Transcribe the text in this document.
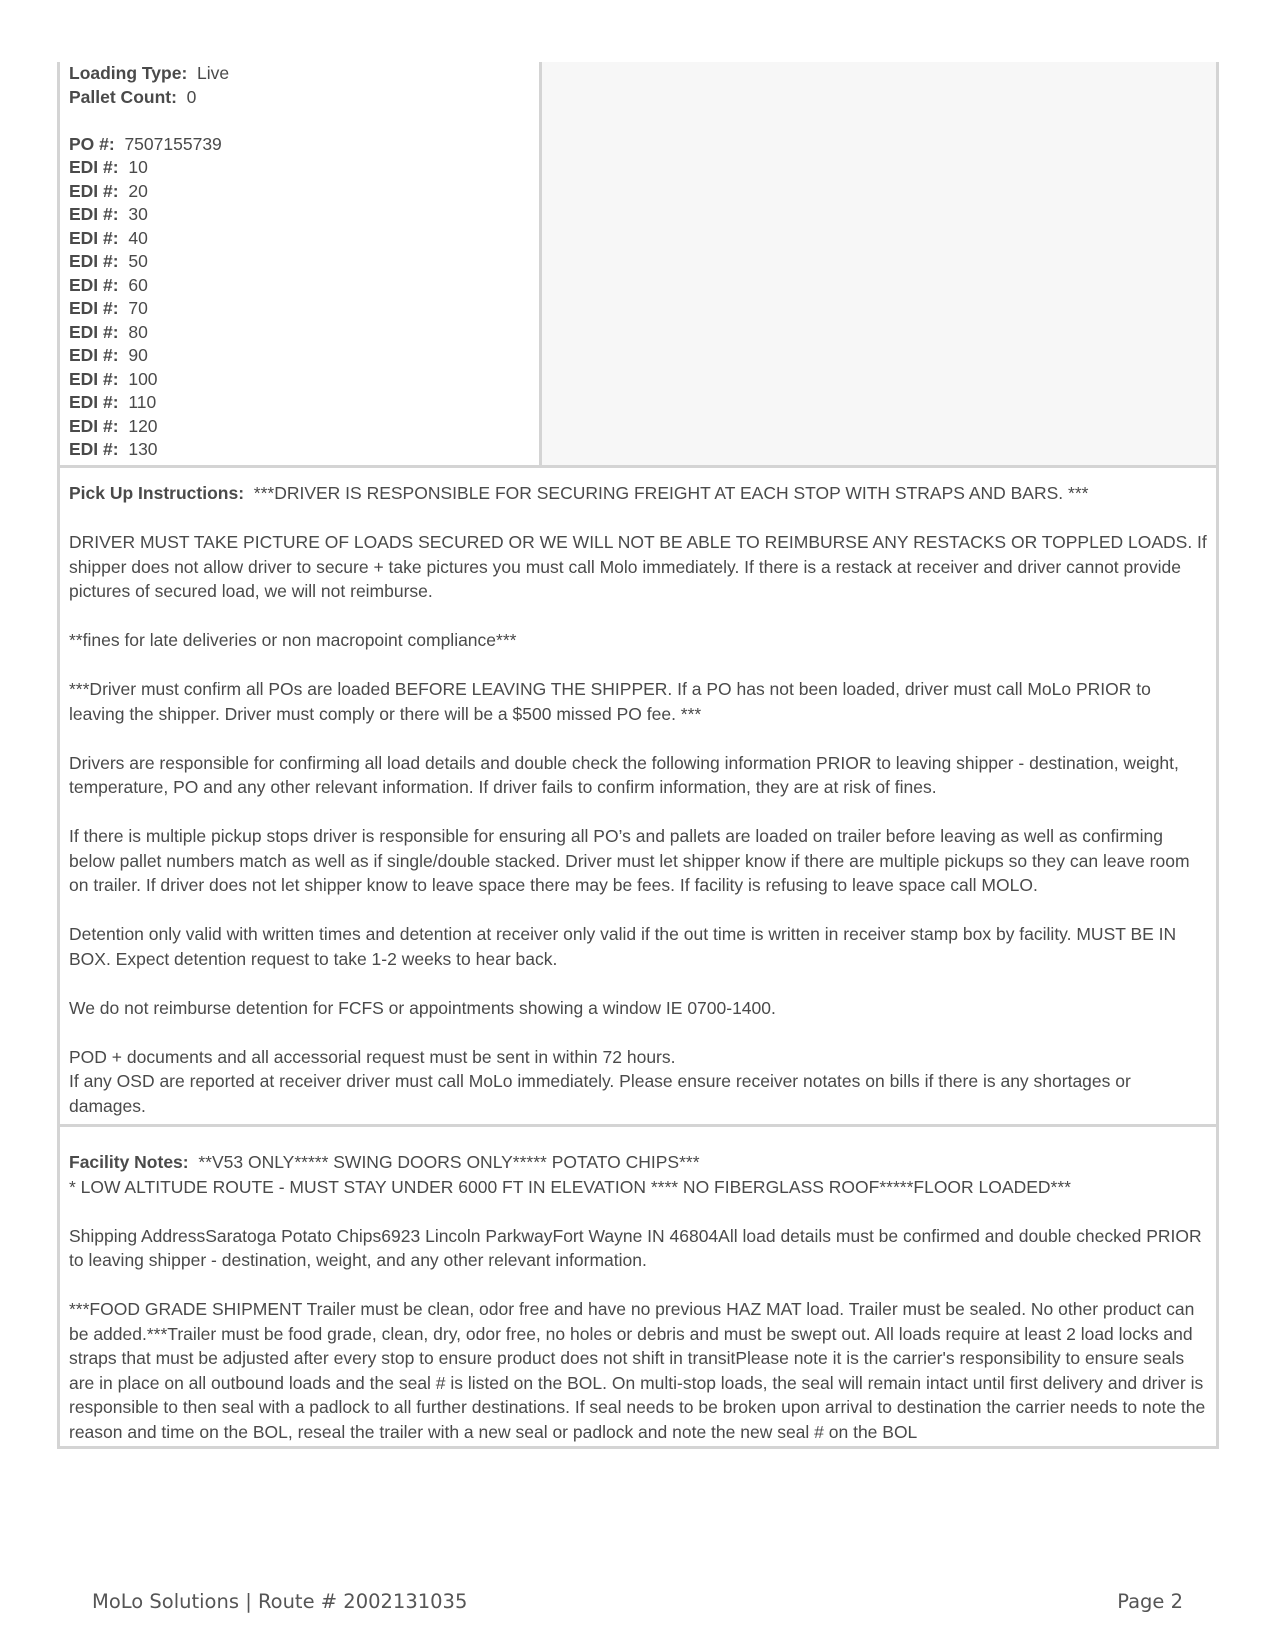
Loading Type: Live
Pallet Count: 0
PO #: 7507155739
EDI #: 10
EDI #: 20
EDI #: 30
EDI #: 40
EDI #: 50
EDI #: 60
EDI #: 70
EDI #: 80
EDI #: 90
EDI #: 100
EDI #: 110
EDI #: 120
EDI #: 130

Pick Up Instructions: ***DRIVER IS RESPONSIBLE FOR SECURING FREIGHT AT EACH STOP WITH STRAPS AND BARS. ***

DRIVER MUST TAKE PICTURE OF LOADS SECURED OR WE WILL NOT BE ABLE TO REIMBURSE ANY RESTACKS OR TOPPLED LOADS. If shipper does not allow driver to secure + take pictures you must call Molo immediately. If there is a restack at receiver and driver cannot provide pictures of secured load, we will not reimburse.

**fines for late deliveries or non macropoint compliance***

***Driver must confirm all POs are loaded BEFORE LEAVING THE SHIPPER. If a PO has not been loaded, driver must call MoLo PRIOR to leaving the shipper. Driver must comply or there will be a $500 missed PO fee. ***

Drivers are responsible for confirming all load details and double check the following information PRIOR to leaving shipper - destination, weight, temperature, PO and any other relevant information. If driver fails to confirm information, they are at risk of fines.

If there is multiple pickup stops driver is responsible for ensuring all PO’s and pallets are loaded on trailer before leaving as well as confirming below pallet numbers match as well as if single/double stacked. Driver must let shipper know if there are multiple pickups so they can leave room on trailer. If driver does not let shipper know to leave space there may be fees. If facility is refusing to leave space call MOLO.

Detention only valid with written times and detention at receiver only valid if the out time is written in receiver stamp box by facility. MUST BE IN BOX. Expect detention request to take 1-2 weeks to hear back.

We do not reimburse detention for FCFS or appointments showing a window IE 0700-1400.

POD + documents and all accessorial request must be sent in within 72 hours.
If any OSD are reported at receiver driver must call MoLo immediately. Please ensure receiver notates on bills if there is any shortages or damages.

Facility Notes: **V53 ONLY***** SWING DOORS ONLY***** POTATO CHIPS***
* LOW ALTITUDE ROUTE - MUST STAY UNDER 6000 FT IN ELEVATION **** NO FIBERGLASS ROOF*****FLOOR LOADED***

Shipping AddressSaratoga Potato Chips6923 Lincoln ParkwayFort Wayne IN 46804All load details must be confirmed and double checked PRIOR to leaving shipper - destination, weight, and any other relevant information.

***FOOD GRADE SHIPMENT Trailer must be clean, odor free and have no previous HAZ MAT load. Trailer must be sealed. No other product can be added.***Trailer must be food grade, clean, dry, odor free, no holes or debris and must be swept out. All loads require at least 2 load locks and straps that must be adjusted after every stop to ensure product does not shift in transitPlease note it is the carrier's responsibility to ensure seals are in place on all outbound loads and the seal # is listed on the BOL. On multi-stop loads, the seal will remain intact until first delivery and driver is responsible to then seal with a padlock to all further destinations. If seal needs to be broken upon arrival to destination the carrier needs to note the reason and time on the BOL, reseal the trailer with a new seal or padlock and note the new seal # on the BOL

MoLo Solutions | Route # 2002131035	Page 2
